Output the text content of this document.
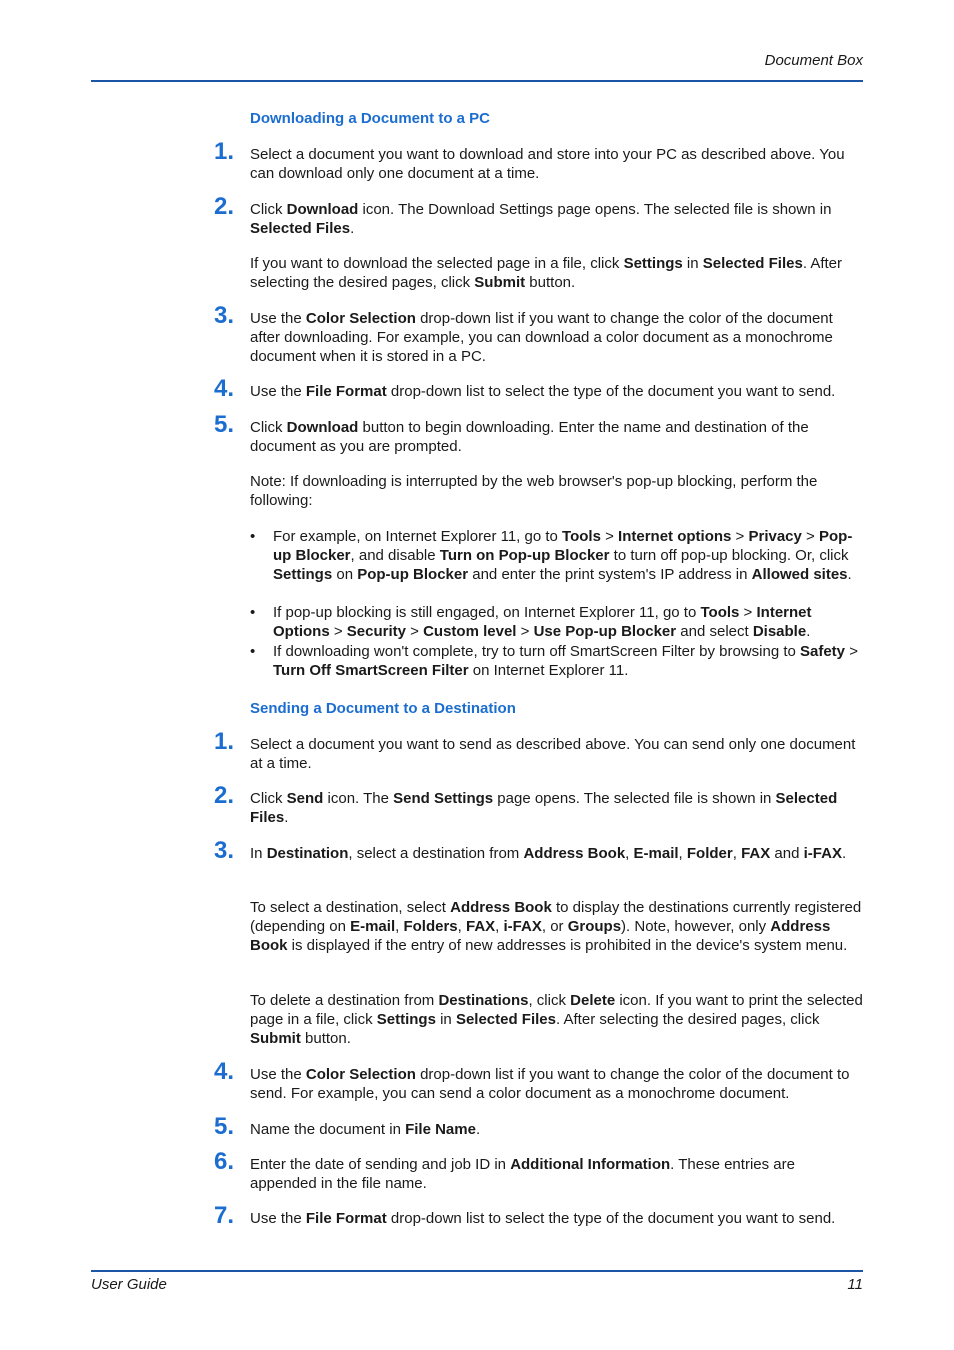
Document Box
Downloading a Document to a PC
1.	Select a document you want to download and store into your PC as described above. You can download only one document at a time.
2.	Click Download icon. The Download Settings page opens. The selected file is shown in Selected Files.
If you want to download the selected page in a file, click Settings in Selected Files. After selecting the desired pages, click Submit button.
3.	Use the Color Selection drop-down list if you want to change the color of the document after downloading. For example, you can download a color document as a monochrome document when it is stored in a PC.
4.	Use the File Format drop-down list to select the type of the document you want to send.
5.	Click Download button to begin downloading. Enter the name and destination of the document as you are prompted.
Note: If downloading is interrupted by the web browser's pop-up blocking, perform the following:
• For example, on Internet Explorer 11, go to Tools > Internet options > Privacy > Pop-up Blocker, and disable Turn on Pop-up Blocker to turn off pop-up blocking. Or, click Settings on Pop-up Blocker and enter the print system's IP address in Allowed sites.
• If pop-up blocking is still engaged, on Internet Explorer 11, go to Tools > Internet Options > Security > Custom level > Use Pop-up Blocker and select Disable.
• If downloading won't complete, try to turn off SmartScreen Filter by browsing to Safety > Turn Off SmartScreen Filter on Internet Explorer 11.
Sending a Document to a Destination
1.	Select a document you want to send as described above. You can send only one document at a time.
2.	Click Send icon. The Send Settings page opens. The selected file is shown in Selected Files.
3.	In Destination, select a destination from Address Book, E-mail, Folder, FAX and i-FAX.
To select a destination, select Address Book to display the destinations currently registered (depending on E-mail, Folders, FAX, i-FAX, or Groups). Note, however, only Address Book is displayed if the entry of new addresses is prohibited in the device's system menu.
To delete a destination from Destinations, click Delete icon. If you want to print the selected page in a file, click Settings in Selected Files. After selecting the desired pages, click Submit button.
4.	Use the Color Selection drop-down list if you want to change the color of the document to send. For example, you can send a color document as a monochrome document.
5.	Name the document in File Name.
6.	Enter the date of sending and job ID in Additional Information. These entries are appended in the file name.
7.	Use the File Format drop-down list to select the type of the document you want to send.
User Guide	11
